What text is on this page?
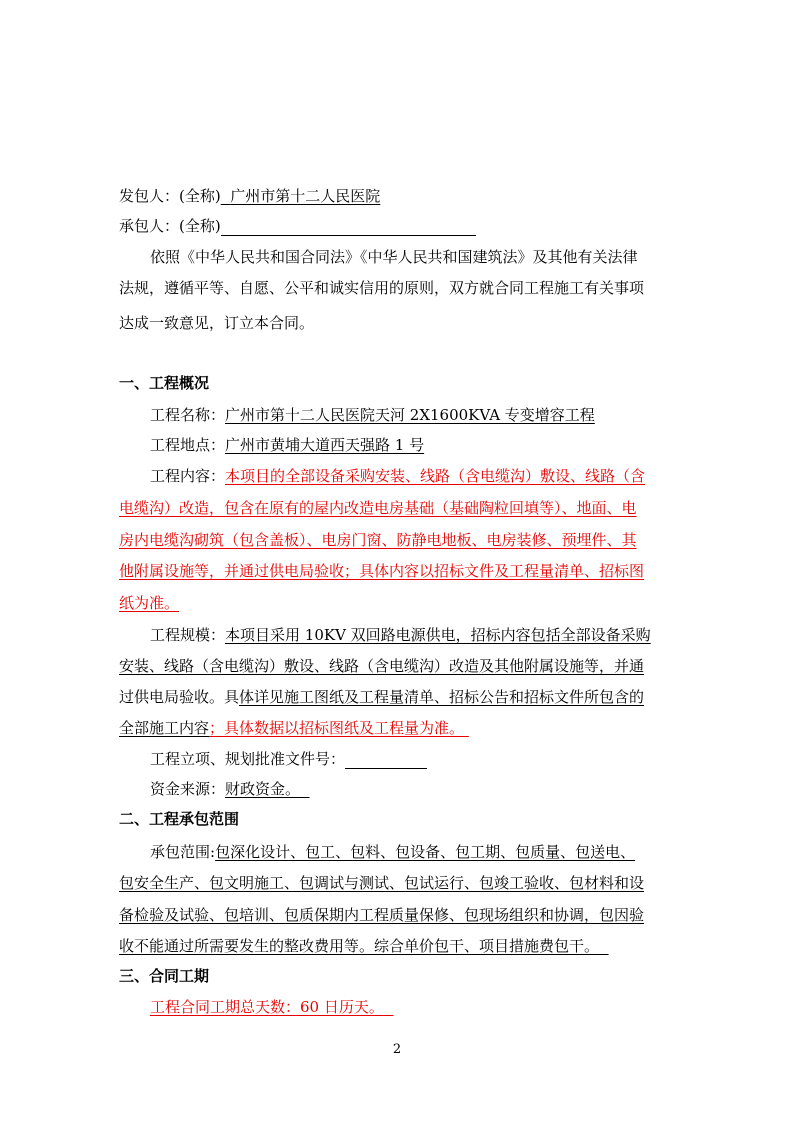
发包人：(全称) 广州市第十二人民医院
承包人：(全称)
依照《中华人民共和国合同法》《中华人民共和国建筑法》及其他有关法律
法规，遵循平等、自愿、公平和诚实信用的原则，双方就合同工程施工有关事项
达成一致意见，订立本合同。
一、工程概况
工程名称：广州市第十二人民医院天河 2X1600KVA 专变增容工程
工程地点：广州市黄埔大道西天强路 1 号
工程内容：本项目的全部设备采购安装、线路（含电缆沟）敷设、线路（含
电缆沟）改造，包含在原有的屋内改造电房基础（基础陶粒回填等）、地面、电
房内电缆沟砌筑（包含盖板）、电房门窗、防静电地板、电房装修、预埋件、其
他附属设施等，并通过供电局验收；具体内容以招标文件及工程量清单、招标图
纸为准。
工程规模：本项目采用 10KV 双回路电源供电，招标内容包括全部设备采购
安装、线路（含电缆沟）敷设、线路（含电缆沟）改造及其他附属设施等，并通
过供电局验收。具体详见施工图纸及工程量清单、招标公告和招标文件所包含的
全部施工内容；具体数据以招标图纸及工程量为准。
工程立项、规划批准文件号：
资金来源：财政资金。
二、工程承包范围
承包范围:包深化设计、包工、包料、包设备、包工期、包质量、包送电、
包安全生产、包文明施工、包调试与测试、包试运行、包竣工验收、包材料和设
备检验及试验、包培训、包质保期内工程质量保修、包现场组织和协调，包因验
收不能通过所需要发生的整改费用等。综合单价包干、项目措施费包干。
三、合同工期
工程合同工期总天数：60 日历天。
2
